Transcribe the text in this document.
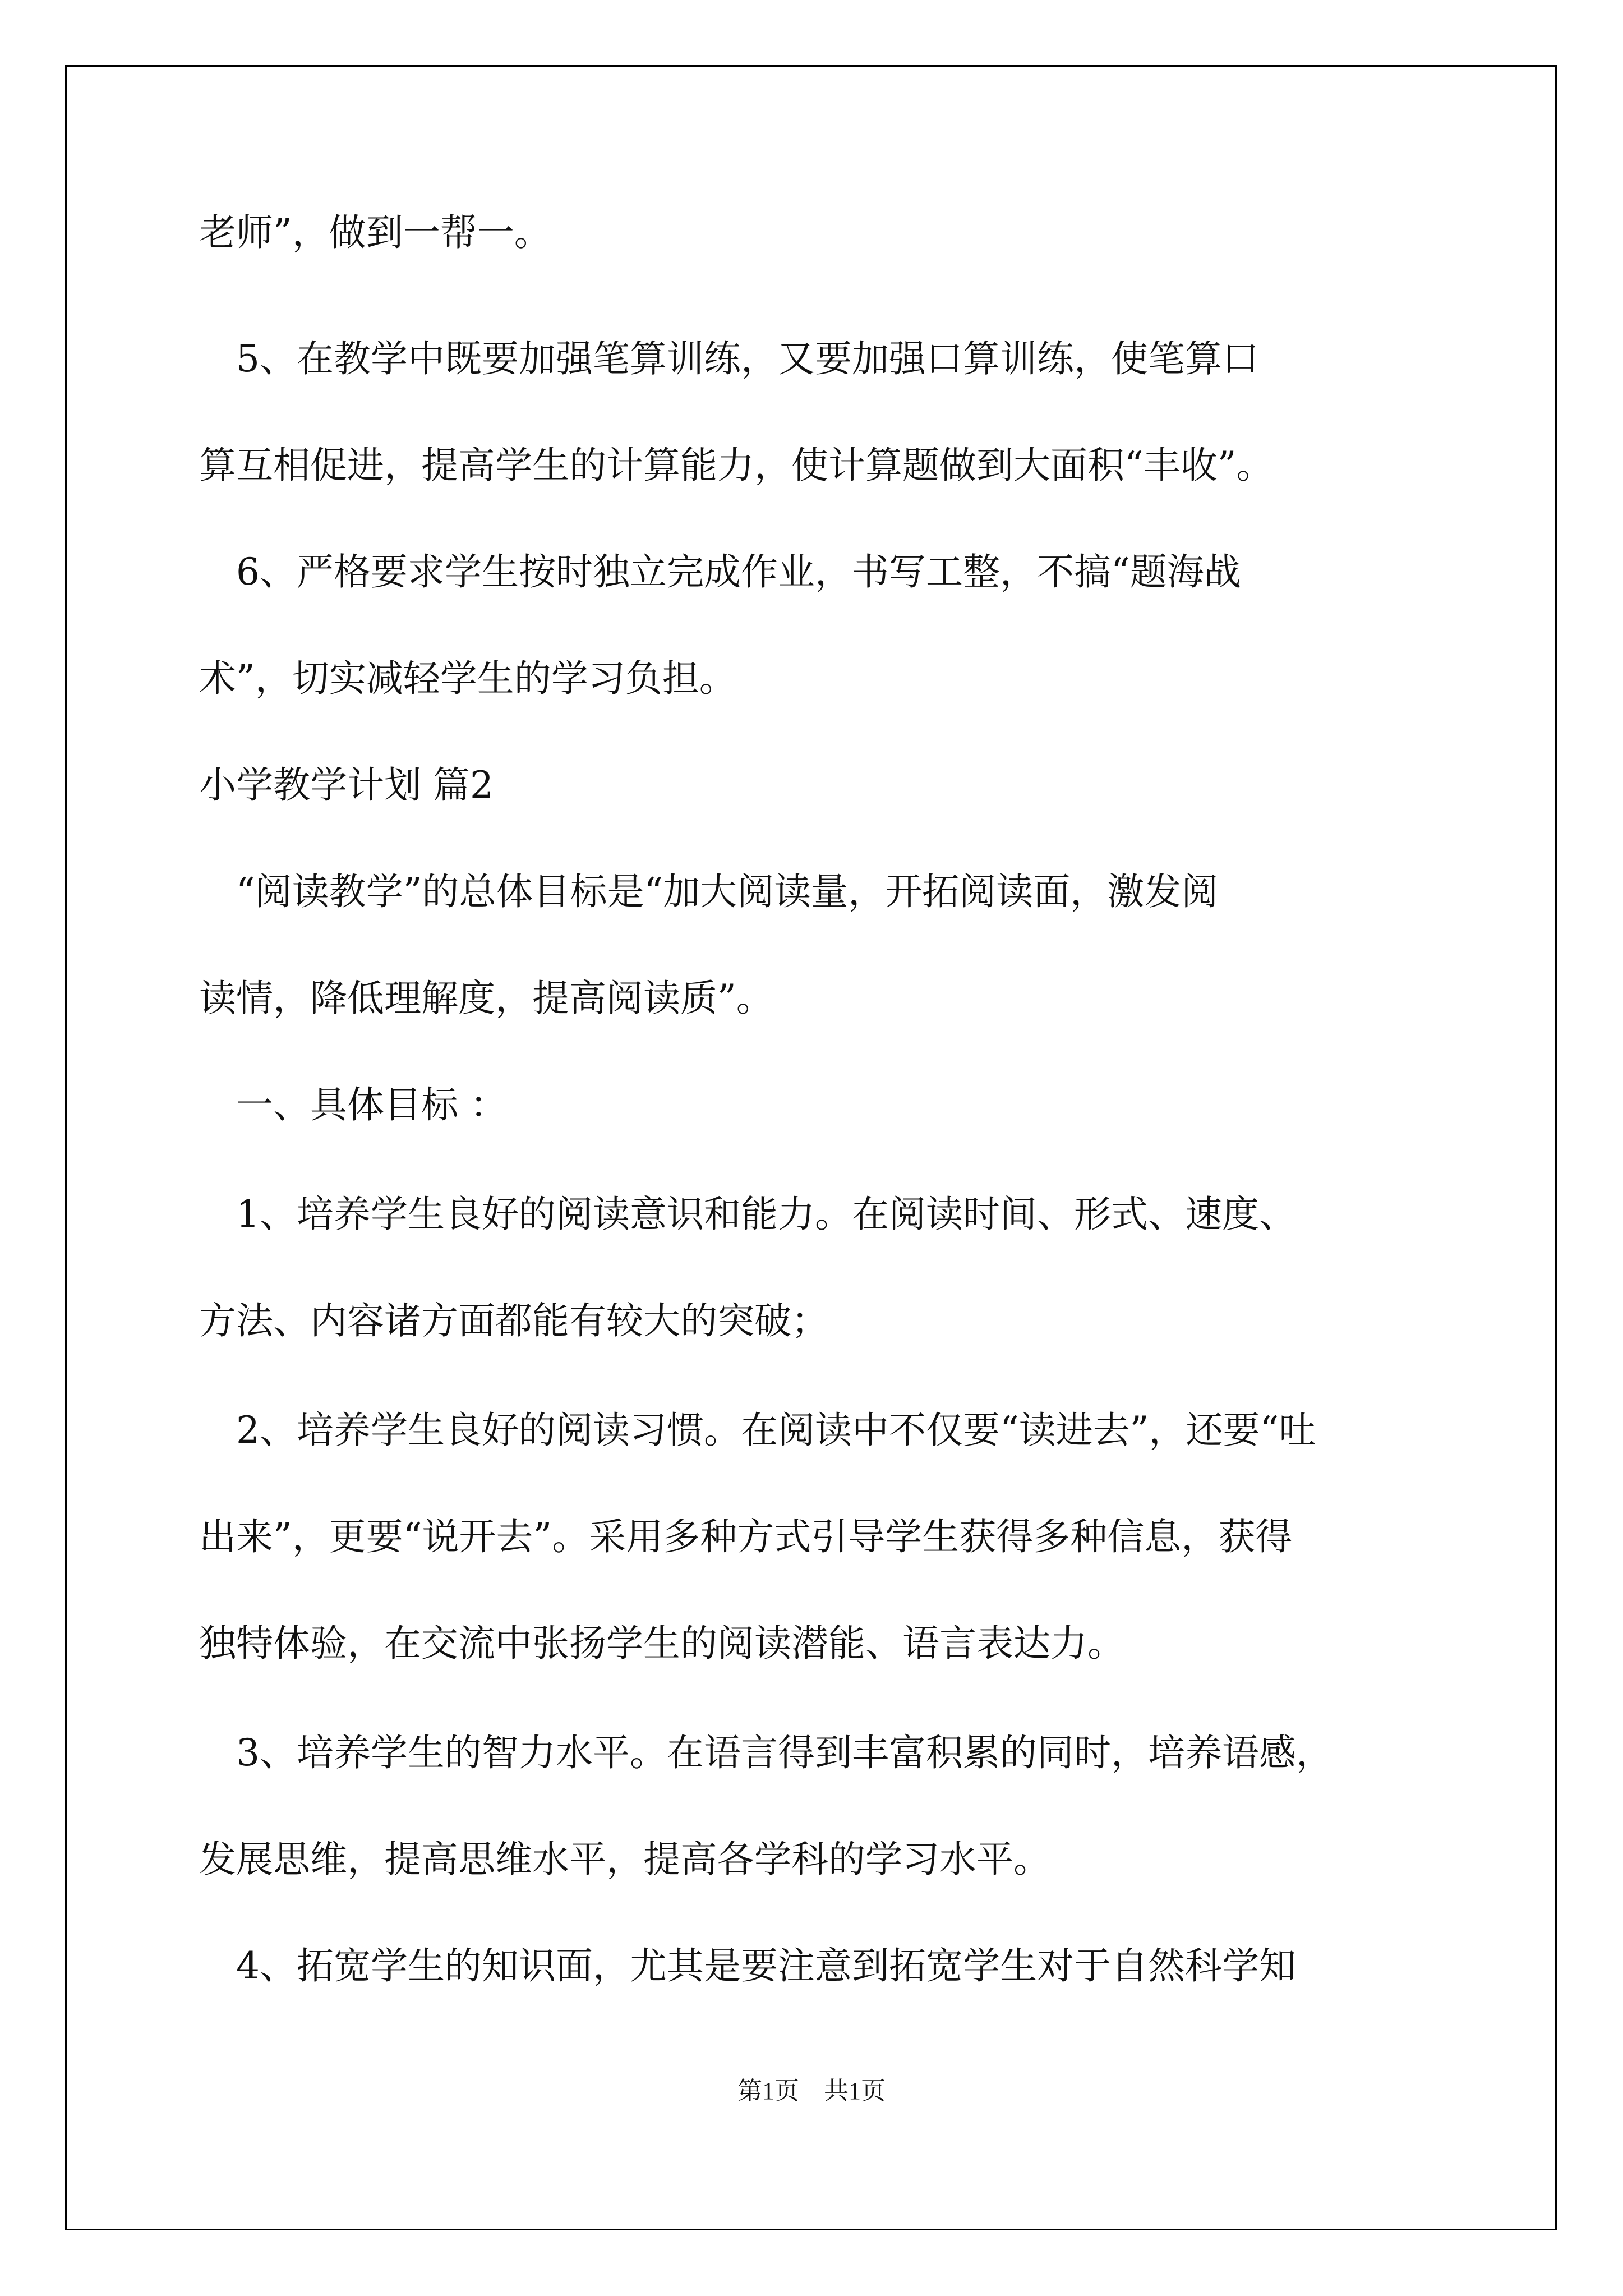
老师”，做到一帮一。
　5、在教学中既要加强笔算训练，又要加强口算训练，使笔算口
算互相促进，提高学生的计算能力，使计算题做到大面积“丰收”。
　6、严格要求学生按时独立完成作业，书写工整，不搞“题海战
术”，切实减轻学生的学习负担。
小学教学计划 篇2
　“阅读教学”的总体目标是“加大阅读量，开拓阅读面，激发阅
读情，降低理解度，提高阅读质”。
　一、具体目标 ：
　1、培养学生良好的阅读意识和能力。在阅读时间、形式、速度、
方法、内容诸方面都能有较大的突破；
　2、培养学生良好的阅读习惯。在阅读中不仅要“读进去”，还要“吐
出来”，更要“说开去”。采用多种方式引导学生获得多种信息，获得
独特体验，在交流中张扬学生的阅读潜能、语言表达力。
　3、培养学生的智力水平。在语言得到丰富积累的同时，培养语感，
发展思维，提高思维水平，提高各学科的学习水平。
　4、拓宽学生的知识面，尤其是要注意到拓宽学生对于自然科学知
第1页　共1页
